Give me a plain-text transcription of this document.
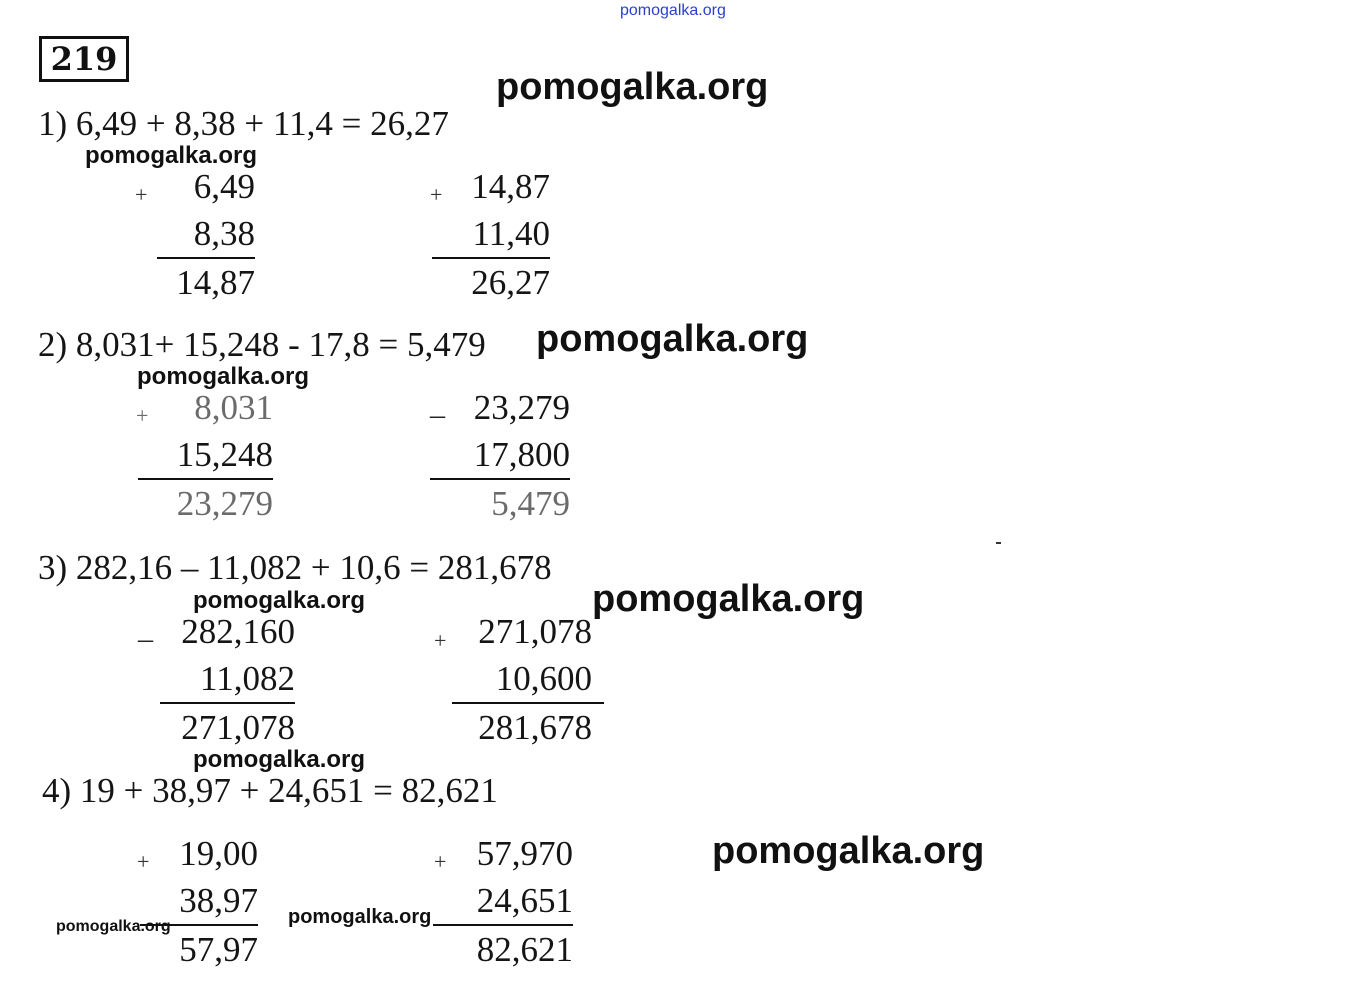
pomogalka.org
219
1) 6,49 + 8,38 + 11,4 = 26,27
pomogalka.org
pomogalka.org
+	6,49
8,38
14,87
+ 14,87
11,40
26,27
2) 8,031+ 15,248 - 17,8 = 5,479 pomogalka.org
pomogalka.org
+	8,031
15,248
23,279
_ 23,279
17,800
5,479
3) 282,16 – 11,082 + 10,6 = 281,678
pomogalka.org
pomogalka.org
_ 282,160
11,082
271,078
+ 271,078
10,600
281,678
pomogalka.org
4) 19 + 38,97 + 24,651 = 82,621
pomogalka.org
+ 19,00
38,97
57,97
+ 57,970
24,651
82,621
pomogalka.org
pomogalka.org
